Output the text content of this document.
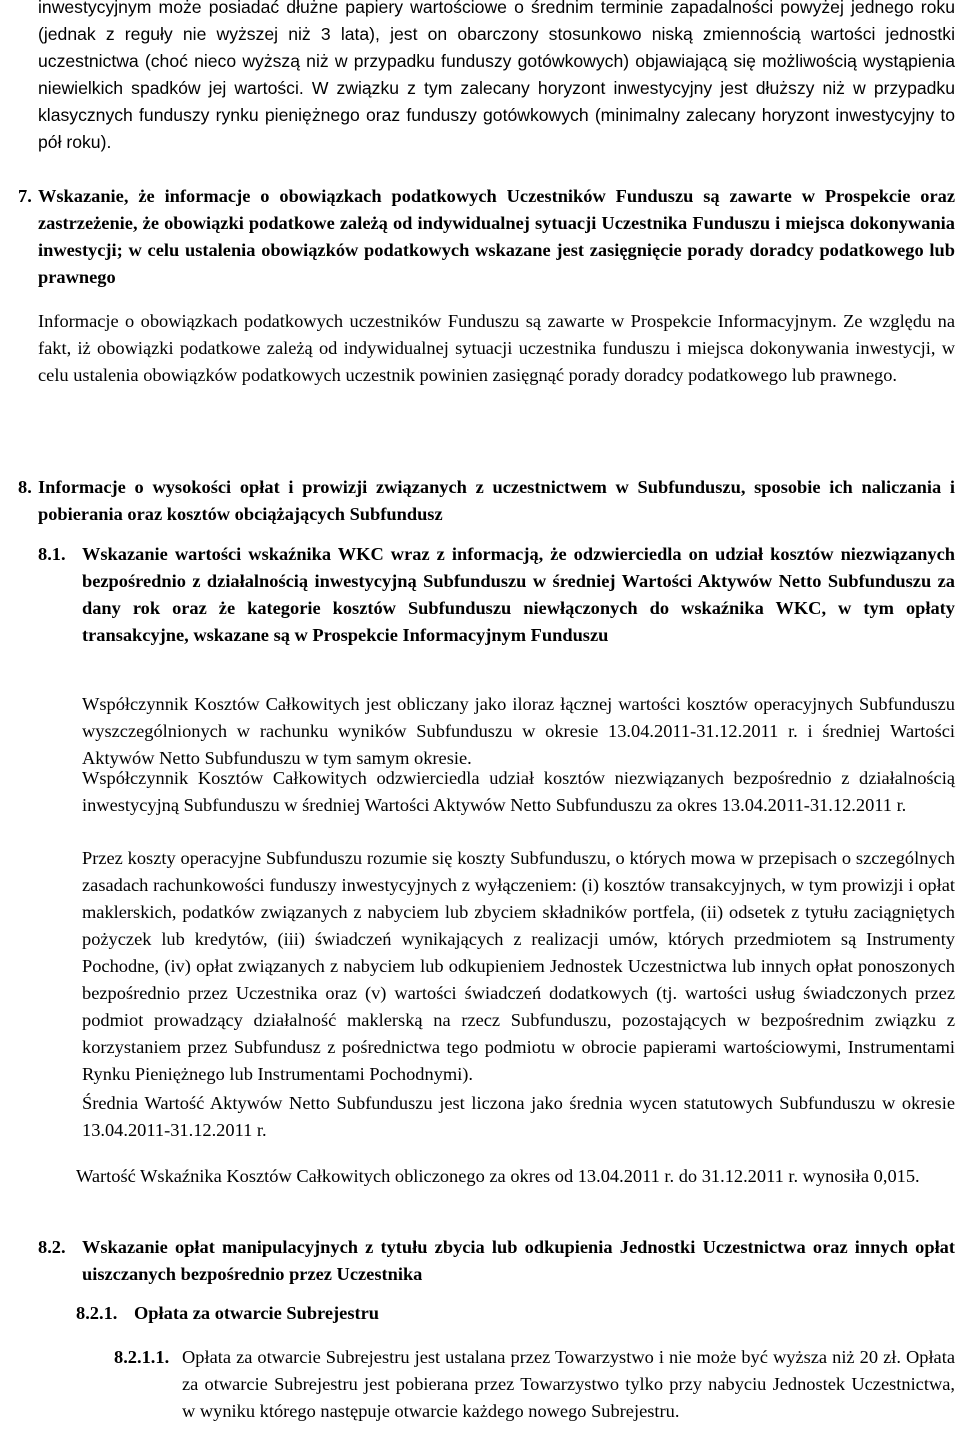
inwestycyjnym może posiadać dłużne papiery wartościowe o średnim terminie zapadalności powyżej jednego roku (jednak z reguły nie wyższej niż 3 lata), jest on obarczony stosunkowo niską zmiennością wartości jednostki uczestnictwa (choć nieco wyższą niż w przypadku funduszy gotówkowych) objawiającą się możliwością wystąpienia niewielkich spadków jej wartości. W związku z tym zalecany horyzont inwestycyjny jest dłuższy niż w przypadku klasycznych funduszy rynku pieniężnego oraz funduszy gotówkowych (minimalny zalecany horyzont inwestycyjny to pół roku).

7. Wskazanie, że informacje o obowiązkach podatkowych Uczestników Funduszu są zawarte w Prospekcie oraz zastrzeżenie, że obowiązki podatkowe zależą od indywidualnej sytuacji Uczestnika Funduszu i miejsca dokonywania inwestycji; w celu ustalenia obowiązków podatkowych wskazane jest zasięgnięcie porady doradcy podatkowego lub prawnego

Informacje o obowiązkach podatkowych uczestników Funduszu są zawarte w Prospekcie Informacyjnym. Ze względu na fakt, iż obowiązki podatkowe zależą od indywidualnej sytuacji uczestnika funduszu i miejsca dokonywania inwestycji, w celu ustalenia obowiązków podatkowych uczestnik powinien zasięgnąć porady doradcy podatkowego lub prawnego.

8. Informacje o wysokości opłat i prowizji związanych z uczestnictwem w Subfunduszu, sposobie ich naliczania i pobierania oraz kosztów obciążających Subfundusz

8.1. Wskazanie wartości wskaźnika WKC wraz z informacją, że odzwierciedla on udział kosztów niezwiązanych bezpośrednio z działalnością inwestycyjną Subfunduszu w średniej Wartości Aktywów Netto Subfunduszu za dany rok oraz że kategorie kosztów Subfunduszu niewłączonych do wskaźnika WKC, w tym opłaty transakcyjne, wskazane są w Prospekcie Informacyjnym Funduszu

Współczynnik Kosztów Całkowitych jest obliczany jako iloraz łącznej wartości kosztów operacyjnych Subfunduszu wyszczególnionych w rachunku wyników Subfunduszu w okresie 13.04.2011-31.12.2011 r. i średniej Wartości Aktywów Netto Subfunduszu w tym samym okresie.

Współczynnik Kosztów Całkowitych odzwierciedla udział kosztów niezwiązanych bezpośrednio z działalnością inwestycyjną Subfunduszu w średniej Wartości Aktywów Netto Subfunduszu za okres 13.04.2011-31.12.2011 r.

Przez koszty operacyjne Subfunduszu rozumie się koszty Subfunduszu, o których mowa w przepisach o szczególnych zasadach rachunkowości funduszy inwestycyjnych z wyłączeniem: (i) kosztów transakcyjnych, w tym prowizji i opłat maklerskich, podatków związanych z nabyciem lub zbyciem składników portfela, (ii) odsetek z tytułu zaciągniętych pożyczek lub kredytów, (iii) świadczeń wynikających z realizacji umów, których przedmiotem są Instrumenty Pochodne, (iv) opłat związanych z nabyciem lub odkupieniem Jednostek Uczestnictwa lub innych opłat ponoszonych bezpośrednio przez Uczestnika oraz (v) wartości świadczeń dodatkowych (tj. wartości usług świadczonych przez podmiot prowadzący działalność maklerską na rzecz Subfunduszu, pozostających w bezpośrednim związku z korzystaniem przez Subfundusz z pośrednictwa tego podmiotu w obrocie papierami wartościowymi, Instrumentami Rynku Pieniężnego lub Instrumentami Pochodnymi).

Średnia Wartość Aktywów Netto Subfunduszu jest liczona jako średnia wycen statutowych Subfunduszu w okresie 13.04.2011-31.12.2011 r.

Wartość Wskaźnika Kosztów Całkowitych obliczonego za okres od 13.04.2011 r. do 31.12.2011 r. wynosiła 0,015.

8.2. Wskazanie opłat manipulacyjnych z tytułu zbycia lub odkupienia Jednostki Uczestnictwa oraz innych opłat uiszczanych bezpośrednio przez Uczestnika

8.2.1. Opłata za otwarcie Subrejestru
8.2.1.1. Opłata za otwarcie Subrejestru jest ustalana przez Towarzystwo i nie może być wyższa niż 20 zł. Opłata za otwarcie Subrejestru jest pobierana przez Towarzystwo tylko przy nabyciu Jednostek Uczestnictwa, w wyniku którego następuje otwarcie każdego nowego Subrejestru.
